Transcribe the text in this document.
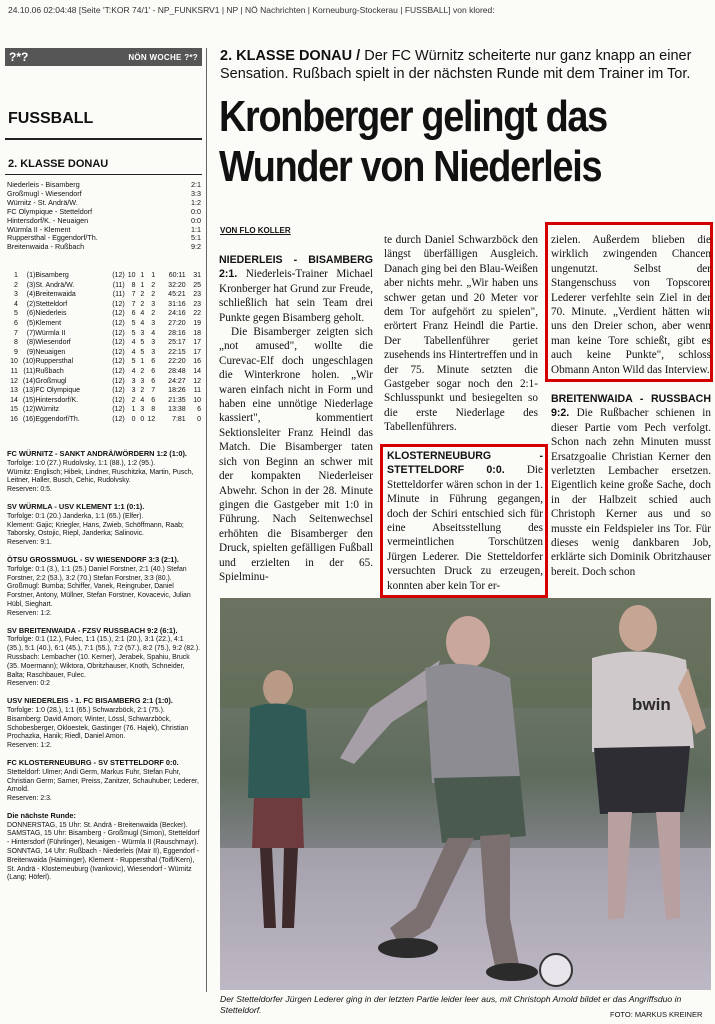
24.10.06 02:04:48 [Seite 'T:KOR 74/1' - NP_FUNKSRV1 | NP | NÖ Nachrichten | Korneuburg-Stockerau | FUSSBALL] von klored:
?*?	NÖN WOCHE ?*?
FUSSBALL
2. KLASSE DONAU
Niederleis - Bisamberg	2:1
Großmugl - Wiesendorf	3:3
Würnitz - St. Andrä/W.	1:2
FC Olympique - Stetteldorf	0:0
Hintersdorf/K. - Neuaigen	0:0
Würmla II - Klement	1:1
Ruppersthal - Eggendorf/Th.	5:1
Breitenwaida - Rußbach	9:2
1	(1)	Bisamberg	(12)	10	1	1	60:11	31
2	(3)	St. Andrä/W.	(11)	8	1	2	32:20	25
3	(4)	Breitenwaida	(11)	7	2	2	45:21	23
4	(2)	Stetteldorf	(12)	7	2	3	31:16	23
5	(6)	Niederleis	(12)	6	4	2	24:16	22
6	(5)	Klement	(12)	5	4	3	27:20	19
7	(7)	Würmla II	(12)	5	3	4	28:16	18
8	(8)	Wiesendorf	(12)	4	5	3	25:17	17
9	(9)	Neuaigen	(12)	4	5	3	22:15	17
10	(10)	Ruppersthal	(12)	5	1	6	22:20	16
11	(11)	Rußbach	(12)	4	2	6	28:48	14
12	(14)	Großmugl	(12)	3	3	6	24:27	12
13	(13)	FC Olympique	(12)	3	2	7	18:26	11
14	(15)	Hintersdorf/K.	(12)	2	4	6	21:35	10
15	(12)	Würnitz	(12)	1	3	8	13:38	6
16	(16)	Eggendorf/Th.	(12)	0	0	12	7:81	0
FC WÜRNITZ - SANKT ANDRÄ/WÖRDERN 1:2 (1:0).

Torfolge: 1:0 (27.) Rudolvsky, 1:1 (88.), 1:2 (95.).

Würnitz: Englisch; Hibek, Lindner, Ruschitzka, Martin, Pusch, Leitner, Haller, Busch, Cehic, Rudolvsky.

Reserven: 0:5.

SV WÜRMLA - USV KLEMENT 1:1 (0:1).

Torfolge: 0:1 (20.) Janderka, 1:1 (65.) (Elfer).

Klement: Gajic; Kriegler, Hans, Zwieb, Schöffmann, Raab; Taborsky, Ostojic, Riepl, Janderka; Salinovic.

Reserven: 9:1.

ÖTSU GROSSMUGL - SV WIESENDORF 3:3 (2:1).

Torfolge: 0:1 (3.), 1:1 (25.) Daniel Forstner, 2:1 (40.) Stefan Forstner, 2:2 (53.), 3:2 (70.) Stefan Forstner, 3:3 (80.).

Großmugl: Bumba; Schiffer, Vanek, Reingruber, Daniel Forstner, Antony, Müllner, Stefan Forstner, Kovacevic, Julian Hübl, Sieghart.

Reserven: 1:2.

SV BREITENWAIDA - FZSV RUSSBACH 9:2 (6:1).

Torfolge: 0:1 (12.), Fulec, 1:1 (15.), 2:1 (20.), 3:1 (22.), 4:1 (35.), 5:1 (40.), 6:1 (45.), 7:1 (55.), 7:2 (57.), 8:2 (75.), 9:2 (82.).

Russbach: Lembacher (10. Kerner), Jerabek, Spahiu, Bruck (35. Moermann); Wiktora, Obritzhauser, Knoth, Schneider, Balta; Raschbauer, Fulec.

Reserven: 0:2

USV NIEDERLEIS - 1. FC BISAMBERG 2:1 (1:0).

Torfolge: 1:0 (28.), 1:1 (65.) Schwarzböck, 2:1 (75.).

Bisamberg: David Amon; Winter, Lössl, Schwarzböck, Schobesberger, Okloestek, Gastinger (76. Hajek), Christian Prochazka, Hanik; Riedl, Daniel Amon.

Reserven: 1:2.

FC KLOSTERNEUBURG - SV STETTELDORF 0:0.

Stetteldorf: Ulmer; Andi Germ, Markus Fuhr, Stefan Fuhr, Christian Germ; Sarner, Preiss, Zanitzer, Schauhuber; Lederer, Arnold.

Reserven: 2:3.

Die nächste Runde:

DONNERSTAG, 15 Uhr: St. Andrä - Breitenwaida (Becker).

SAMSTAG, 15 Uhr: Bisamberg - Großmugl (Simon), Stetteldorf - Hintersdorf (Führlinger), Neuaigen - Würmla II (Rauschmayr).

SONNTAG, 14 Uhr: Rußbach - Niederleis (Mair II), Eggendorf - Breitenwaida (Haiminger), Klement - Ruppersthal (Toifl/Kern), St. Andrä - Klosterneuburg (Ivankovic), Wiesendorf - Würnitz (Lang; Höferl).

2. KLASSE DONAU / Der FC Würnitz scheiterte nur ganz knapp an einer Sensation. Rußbach spielt in der nächsten Runde mit dem Trainer im Tor.
Kronberger gelingt das
Wunder von Niederleis
VON FLO KOLLER

NIEDERLEIS - BISAMBERG 2:1. Niederleis-Trainer Michael Kronberger hat Grund zur Freude, schließlich hat sein Team drei Punkte gegen Bisamberg geholt.

Die Bisamberger zeigten sich „not amused", wollte die Curevac-Elf doch ungeschlagen die Winterkrone holen. „Wir waren einfach nicht in Form und haben eine unnötige Niederlage kassiert", kommentiert Sektionsleiter Franz Heindl das Match. Die Bisamberger taten sich von Beginn an schwer mit der kompakten Niederleiser Abwehr. Schon in der 28. Minute gingen die Gastgeber mit 1:0 in Führung. Nach Seitenwechsel erhöhten die Bisamberger den Druck, spielten gefälligen Fußball und erzielten in der 65. Spielminu-

te durch Daniel Schwarzböck den längst überfälligen Ausgleich. Danach ging bei den Blau-Weißen aber nichts mehr. „Wir haben uns schwer getan und 20 Meter vor dem Tor aufgehört zu spielen", erörtert Franz Heindl die Partie. Der Tabellenführer geriet zusehends ins Hintertreffen und in der 75. Minute setzten die Gastgeber sogar noch den 2:1-Schlusspunkt und besiegelten so die erste Niederlage des Tabellenführers.

KLOSTERNEUBURG - STETTELDORF 0:0. Die Stetteldorfer wären schon in der 1. Minute in Führung gegangen, doch der Schiri entschied sich für eine Abseitsstellung des vermeintlichen Torschützen Jürgen Lederer. Die Stetteldorfer versuchten Druck zu erzeugen, konnten aber kein Tor er-

zielen. Außerdem blieben die wirklich zwingenden Chancen ungenutzt. Selbst der Stangenschuss von Topscorer Lederer verfehlte sein Ziel in der 70. Minute. „Verdient hätten wir uns den Dreier schon, aber wenn man keine Tore schießt, gibt es auch keine Punkte", schloss Obmann Anton Wild das Interview.

BREITENWAIDA - RUSSBACH 9:2. Die Rußbacher schienen in dieser Partie vom Pech verfolgt. Schon nach zehn Minuten musst Ersatzgoalie Christian Kerner den verletzten Lembacher ersetzen. Eigentlich keine große Sache, doch in der Halbzeit schied auch Christoph Kerner aus und so musste ein Feldspieler ins Tor. Für dieses wenig dankbaren Job, erklärte sich Dominik Obritzhauser bereit. Doch schon

bwin
Der Stetteldorfer Jürgen Lederer ging in der letzten Partie leider leer aus, mit Christoph Arnold bildet er das Angriffsduo in Stetteldorf.	FOTO: MARKUS KREINER
